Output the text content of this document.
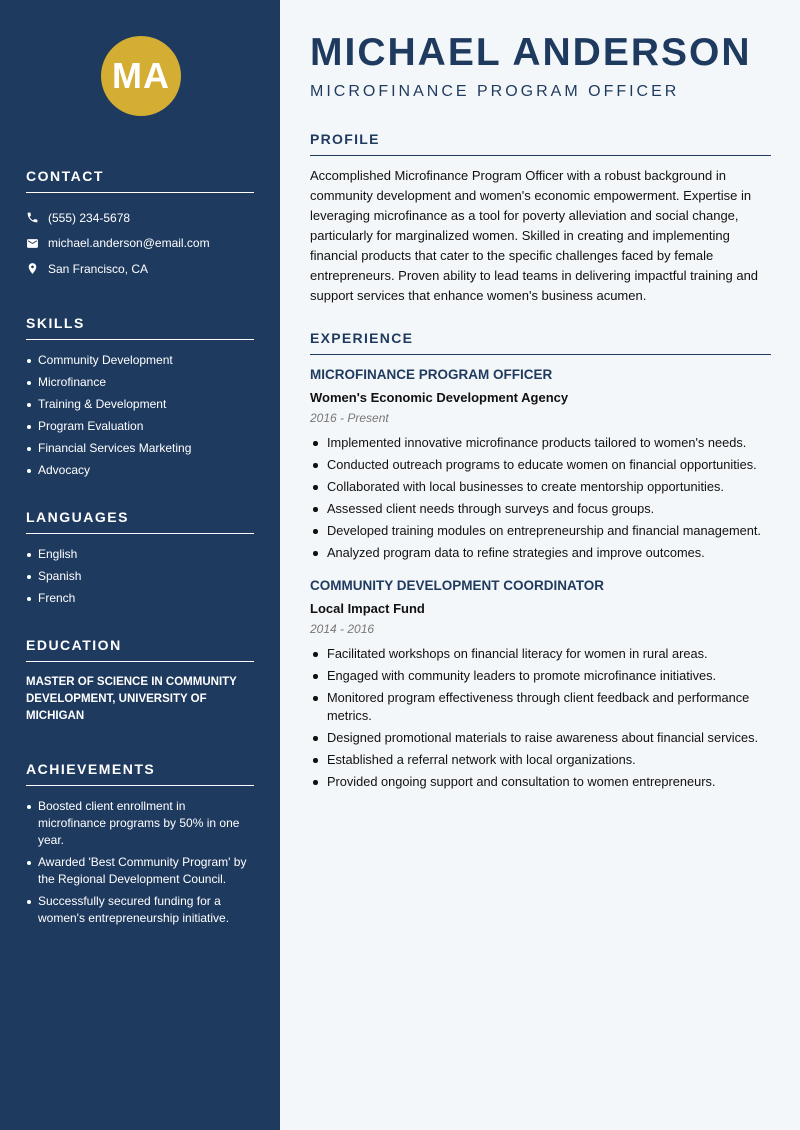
MA
CONTACT
(555) 234-5678
michael.anderson@email.com
San Francisco, CA
SKILLS
Community Development
Microfinance
Training & Development
Program Evaluation
Financial Services Marketing
Advocacy
LANGUAGES
English
Spanish
French
EDUCATION
MASTER OF SCIENCE IN COMMUNITY DEVELOPMENT, UNIVERSITY OF MICHIGAN
ACHIEVEMENTS
Boosted client enrollment in microfinance programs by 50% in one year.
Awarded 'Best Community Program' by the Regional Development Council.
Successfully secured funding for a women's entrepreneurship initiative.
MICHAEL ANDERSON
MICROFINANCE PROGRAM OFFICER
PROFILE

Accomplished Microfinance Program Officer with a robust background in community development and women's economic empowerment. Expertise in leveraging microfinance as a tool for poverty alleviation and social change, particularly for marginalized women. Skilled in creating and implementing financial products that cater to the specific challenges faced by female entrepreneurs. Proven ability to lead teams in delivering impactful training and support services that enhance women's business acumen.

EXPERIENCE
MICROFINANCE PROGRAM OFFICER
Women's Economic Development Agency
2016 - Present
Implemented innovative microfinance products tailored to women's needs.
Conducted outreach programs to educate women on financial opportunities.
Collaborated with local businesses to create mentorship opportunities.
Assessed client needs through surveys and focus groups.
Developed training modules on entrepreneurship and financial management.
Analyzed program data to refine strategies and improve outcomes.
COMMUNITY DEVELOPMENT COORDINATOR
Local Impact Fund
2014 - 2016
Facilitated workshops on financial literacy for women in rural areas.
Engaged with community leaders to promote microfinance initiatives.
Monitored program effectiveness through client feedback and performance metrics.
Designed promotional materials to raise awareness about financial services.
Established a referral network with local organizations.
Provided ongoing support and consultation to women entrepreneurs.
